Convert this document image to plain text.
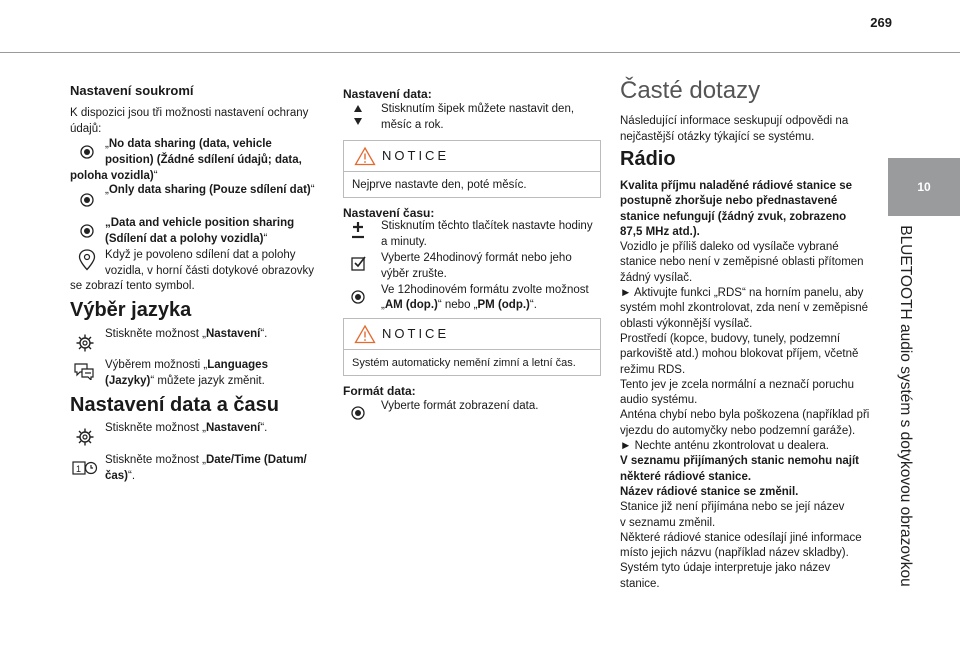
269
10
BLUETOOTH audio systém s dotykovou obrazovkou
Nastavení soukromí
K dispozici jsou tři možnosti nastavení ochrany údajů:
„No data sharing (data, vehicle
position) (Žádné sdílení údajů; data,
poloha vozidla)“
„Only data sharing (Pouze sdílení dat)“
„Data and vehicle position sharing
(Sdílení dat a polohy vozidla)“
Když je povoleno sdílení dat a polohy
vozidla, v horní části dotykové obrazovky
se zobrazí tento symbol.
Výběr jazyka
Stiskněte možnost „Nastavení“.
Výběrem možnosti „Languages
(Jazyky)“ můžete jazyk změnit.
Nastavení data a času
Stiskněte možnost „Nastavení“.
1
Stiskněte možnost „Date/Time (Datum/
čas)“.
Nastavení data:
Stisknutím šipek můžete nastavit den,
měsíc a rok.
NOTICE
Nejprve nastavte den, poté měsíc.
Nastavení času:
Stisknutím těchto tlačítek nastavte hodiny
a minuty.
Vyberte 24hodinový formát nebo jeho
výběr zrušte.
Ve 12hodinovém formátu zvolte možnost
„AM (dop.)“ nebo „PM (odp.)“.
NOTICE
Systém automaticky nemění zimní a letní čas.
Formát data:
Vyberte formát zobrazení data.
Časté dotazy
Následující informace seskupují odpovědi na
nejčastější otázky týkající se systému.
Rádio
Kvalita příjmu naladěné rádiové stanice se
postupně zhoršuje nebo přednastavené
stanice nefungují (žádný zvuk, zobrazeno
87,5 MHz atd.).
Vozidlo je příliš daleko od vysílače vybrané
stanice nebo není v zeměpisné oblasti přítomen
žádný vysílač.
► Aktivujte funkci „RDS“ na horním panelu, aby
systém mohl zkontrolovat, zda není v zeměpisné
oblasti výkonnější vysílač.
Prostředí (kopce, budovy, tunely, podzemní
parkoviště atd.) mohou blokovat příjem, včetně
režimu RDS.
Tento jev je zcela normální a neznačí poruchu
audio systému.
Anténa chybí nebo byla poškozena (například při
vjezdu do automyčky nebo podzemní garáže).
► Nechte anténu zkontrolovat u dealera.
V seznamu přijímaných stanic nemohu najít
některé rádiové stanice.
Název rádiové stanice se změnil.
Stanice již není přijímána nebo se její název
v seznamu změnil.
Některé rádiové stanice odesílají jiné informace
místo jejich názvu (například název skladby).
Systém tyto údaje interpretuje jako název
stanice.
